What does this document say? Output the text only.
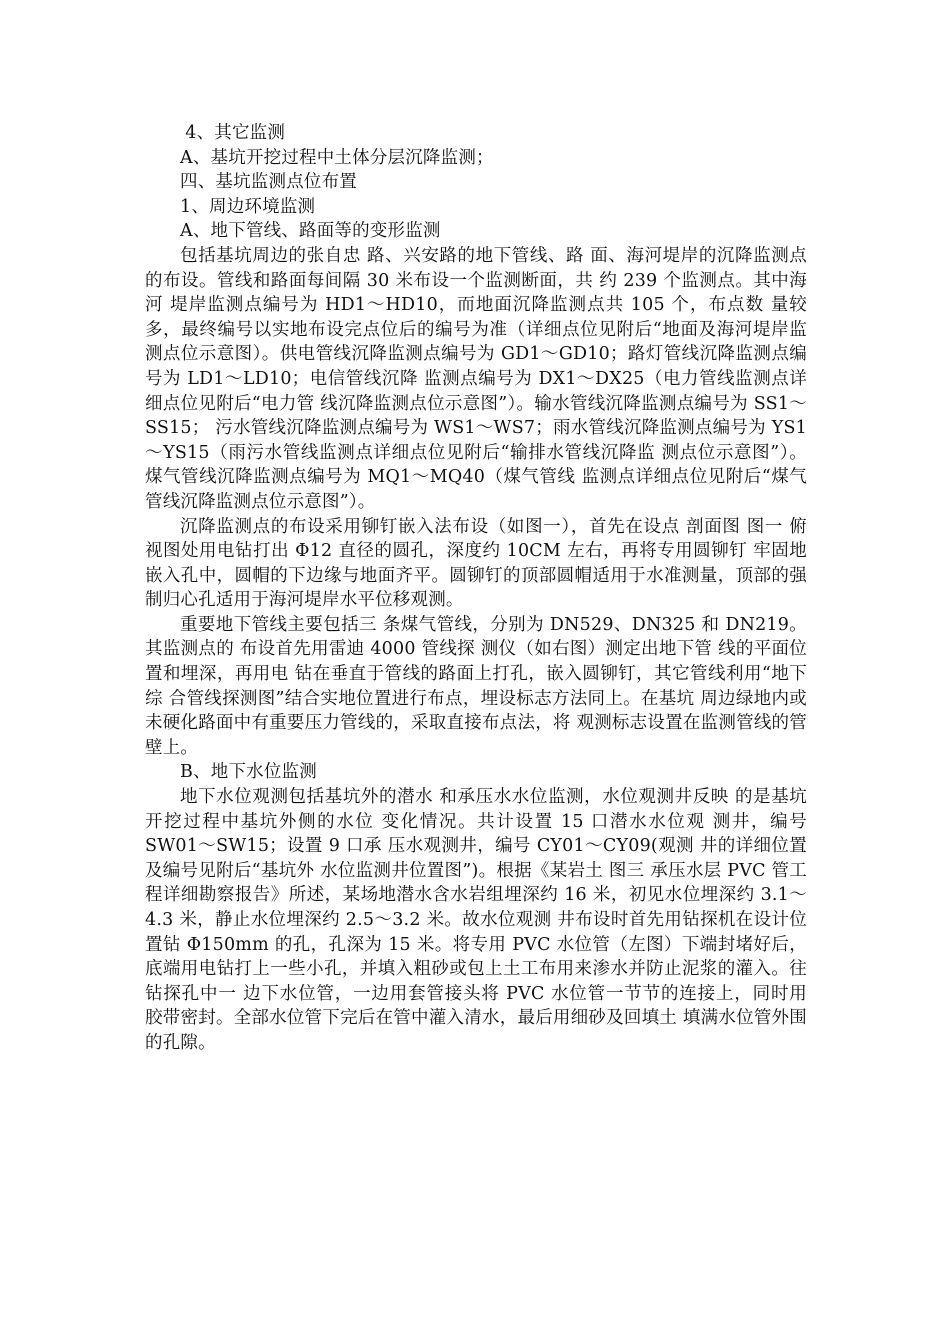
4、其它监测

A、基坑开挖过程中土体分层沉降监测；

四、基坑监测点位布置

1、周边环境监测

A、地下管线、路面等的变形监测

包括基坑周边的张自忠 路、兴安路的地下管线、路 面、海河堤岸的沉降监测点 的布设。管线和路面每间隔 30 米布设一个监测断面，共 约 239 个监测点。其中海河 堤岸监测点编号为 HD1～HD10，而地面沉降监测点共 105 个，布点数 量较多，最终编号以实地布设完点位后的编号为准（详细点位见附后“地面及海河堤岸监测点位示意图）。供电管线沉降监测点编号为 GD1～GD10；路灯管线沉降监测点编号为 LD1～LD10；电信管线沉降 监测点编号为 DX1～DX25（电力管线监测点详细点位见附后“电力管 线沉降监测点位示意图”）。输水管线沉降监测点编号为 SS1～SS15； 污水管线沉降监测点编号为 WS1～WS7；雨水管线沉降监测点编号为 YS1～YS15（雨污水管线监测点详细点位见附后“输排水管线沉降监 测点位示意图”）。煤气管线沉降监测点编号为 MQ1～MQ40（煤气管线 监测点详细点位见附后“煤气管线沉降监测点位示意图”）。

沉降监测点的布设采用铆钉嵌入法布设（如图一），首先在设点 剖面图 图一 俯视图处用电钻打出 Φ12 直径的圆孔，深度约 10CM 左右，再将专用圆铆钉 牢固地嵌入孔中，圆帽的下边缘与地面齐平。圆铆钉的顶部圆帽适用于水准测量，顶部的强制归心孔适用于海河堤岸水平位移观测。

重要地下管线主要包括三 条煤气管线，分别为 DN529、DN325 和 DN219。其监测点的 布设首先用雷迪 4000 管线探 测仪（如右图）测定出地下管 线的平面位置和埋深，再用电 钻在垂直于管线的路面上打孔，嵌入圆铆钉，其它管线利用“地下综 合管线探测图”结合实地位置进行布点，埋设标志方法同上。在基坑 周边绿地内或未硬化路面中有重要压力管线的，采取直接布点法，将 观测标志设置在监测管线的管壁上。

B、地下水位监测

地下水位观测包括基坑外的潜水 和承压水水位监测，水位观测井反映 的是基坑开挖过程中基坑外侧的水位 变化情况。共计设置 15 口潜水水位观 测井，编号 SW01～SW15；设置 9 口承 压水观测井，编号 CY01～CY09(观测 井的详细位置及编号见附后“基坑外 水位监测井位置图”)。根据《某岩土 图三 承压水层 PVC 管工程详细勘察报告》所述，某场地潜水含水岩组埋深约 16 米，初见水位埋深约 3.1～4.3 米，静止水位埋深约 2.5～3.2 米。故水位观测 井布设时首先用钻探机在设计位置钻 Φ150mm 的孔，孔深为 15 米。将专用 PVC 水位管（左图）下端封堵好后，底端用电钻打上一些小孔，并填入粗砂或包上土工布用来渗水并防止泥浆的灌入。往钻探孔中一 边下水位管，一边用套管接头将 PVC 水位管一节节的连接上，同时用 胶带密封。全部水位管下完后在管中灌入清水，最后用细砂及回填土 填满水位管外围的孔隙。
